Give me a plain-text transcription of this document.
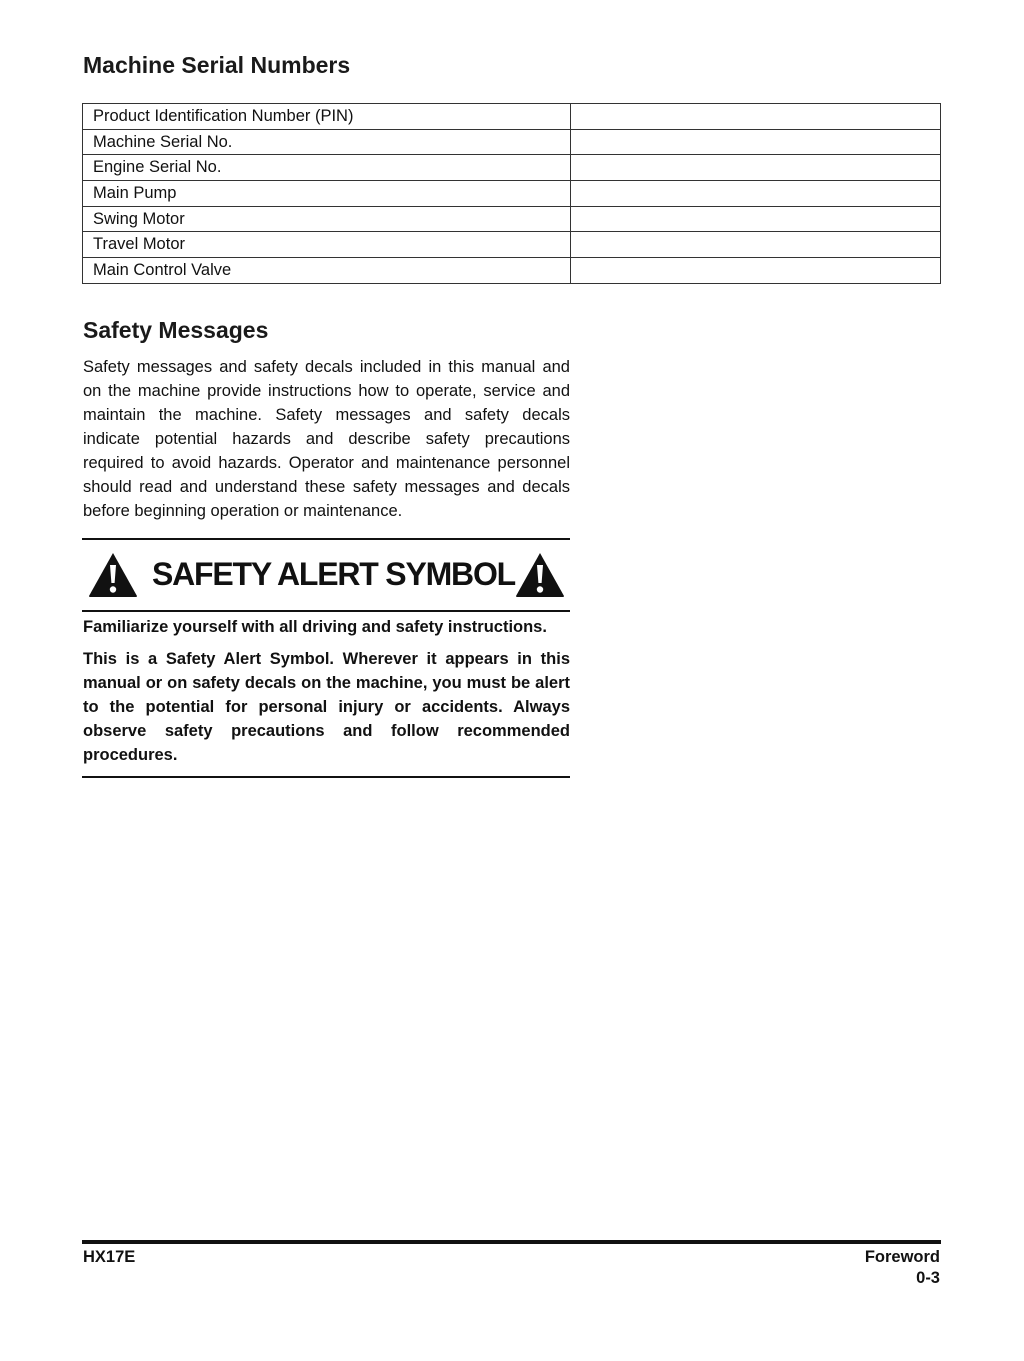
Machine Serial Numbers
Product Identification Number (PIN)	
Machine Serial No.	
Engine Serial No.	
Main Pump	
Swing Motor	
Travel Motor	
Main Control Valve	
Safety Messages

Safety messages and safety decals included in this manual and on the machine provide instructions how to operate, service and maintain the machine. Safety messages and safety decals indicate potential hazards and describe safety precautions required to avoid hazards. Operator and maintenance personnel should read and understand these safety messages and decals before beginning operation or maintenance.

SAFETY ALERT SYMBOL

Familiarize yourself with all driving and safety instructions.

This is a Safety Alert Symbol. Wherever it appears in this manual or on safety decals on the machine, you must be alert to the potential for personal injury or accidents. Always observe safety precautions and follow recommended procedures.

HX17E	Foreword
0-3
